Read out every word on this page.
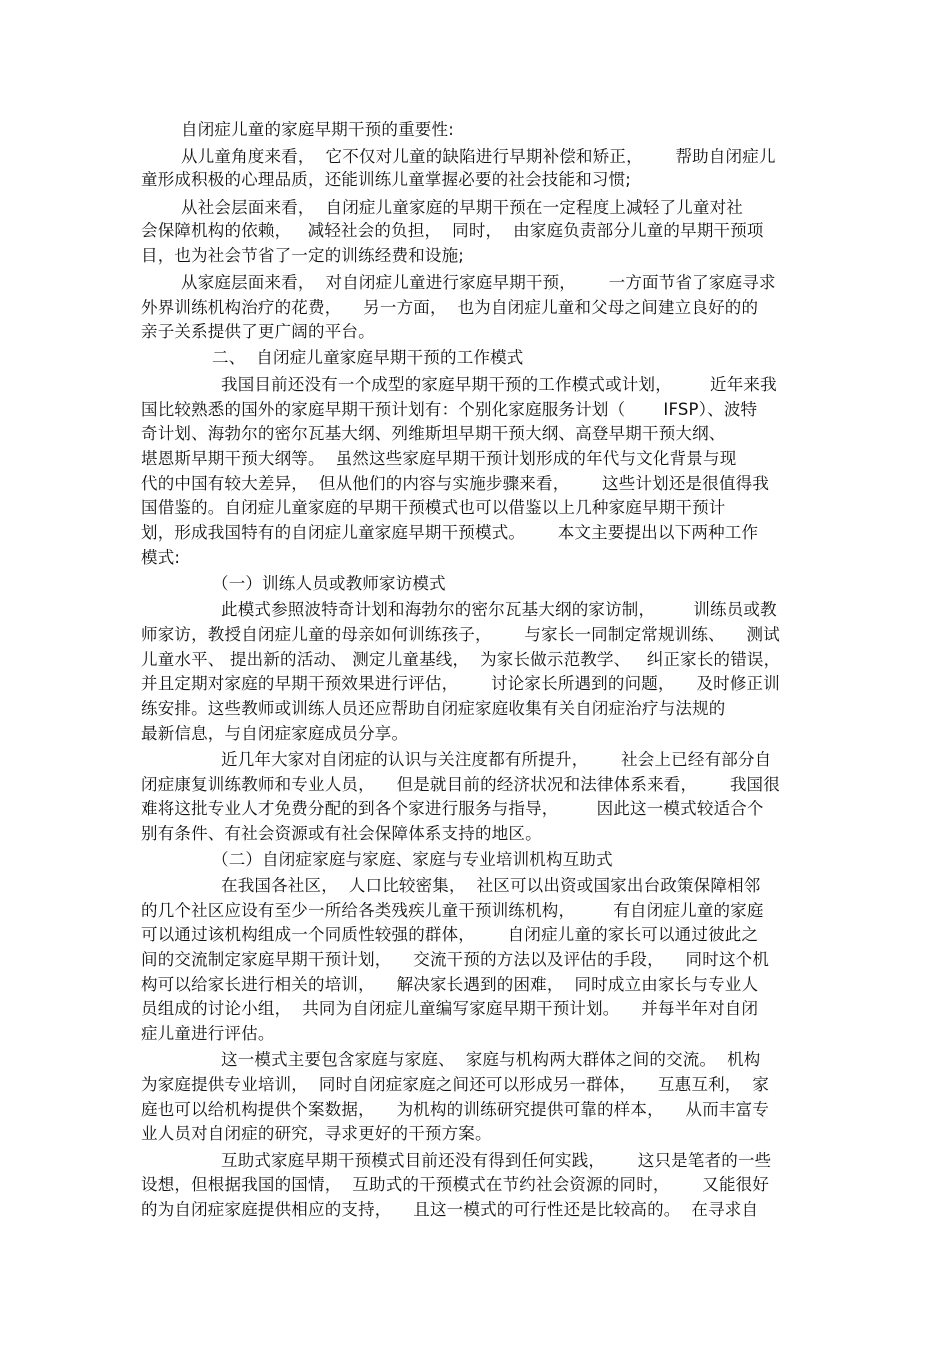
自闭症儿童的家庭早期干预的重要性:

从儿童角度来看，  它不仅对儿童的缺陷进行早期补偿和矫正，      帮助自闭症儿

童形成积极的心理品质，还能训练儿童掌握必要的社会技能和习惯;

从社会层面来看，  自闭症儿童家庭的早期干预在一定程度上减轻了儿童对社

会保障机构的依赖，   减轻社会的负担，  同时，  由家庭负责部分儿童的早期干预项

目，也为社会节省了一定的训练经费和设施;

从家庭层面来看，  对自闭症儿童进行家庭早期干预，      一方面节省了家庭寻求

外界训练机构治疗的花费，    另一方面，  也为自闭症儿童和父母之间建立良好的的

亲子关系提供了更广阔的平台。

二、  自闭症儿童家庭早期干预的工作模式

我国目前还没有一个成型的家庭早期干预的工作模式或计划，       近年来我

国比较熟悉的国外的家庭早期干预计划有：个别化家庭服务计划（       IFSP）、波特

奇计划、海勃尔的密尔瓦基大纲、列维斯坦早期干预大纲、高登早期干预大纲、

堪恩斯早期干预大纲等。  虽然这些家庭早期干预计划形成的年代与文化背景与现

代的中国有较大差异，  但从他们的内容与实施步骤来看，      这些计划还是很值得我

国借鉴的。自闭症儿童家庭的早期干预模式也可以借鉴以上几种家庭早期干预计

划，形成我国特有的自闭症儿童家庭早期干预模式。      本文主要提出以下两种工作

模式:

（一）训练人员或教师家访模式

此模式参照波特奇计划和海勃尔的密尔瓦基大纲的家访制，       训练员或教

师家访，教授自闭症儿童的母亲如何训练孩子，      与家长一同制定常规训练、    测试

儿童水平、 提出新的活动、 测定儿童基线，  为家长做示范教学、   纠正家长的错误，

并且定期对家庭的早期干预效果进行评估，      讨论家长所遇到的问题，    及时修正训

练安排。这些教师或训练人员还应帮助自闭症家庭收集有关自闭症治疗与法规的

最新信息，与自闭症家庭成员分享。

近几年大家对自闭症的认识与关注度都有所提升，      社会上已经有部分自

闭症康复训练教师和专业人员，    但是就目前的经济状况和法律体系来看，      我国很

难将这批专业人才免费分配的到各个家进行服务与指导，       因此这一模式较适合个

别有条件、有社会资源或有社会保障体系支持的地区。

（二）自闭症家庭与家庭、家庭与专业培训机构互助式

在我国各社区，  人口比较密集，  社区可以出资或国家出台政策保障相邻

的几个社区应设有至少一所给各类残疾儿童干预训练机构，       有自闭症儿童的家庭

可以通过该机构组成一个同质性较强的群体，      自闭症儿童的家长可以通过彼此之

间的交流制定家庭早期干预计划，    交流干预的方法以及评估的手段，    同时这个机

构可以给家长进行相关的培训，    解决家长遇到的困难，  同时成立由家长与专业人

员组成的讨论小组，  共同为自闭症儿童编写家庭早期干预计划。    并每半年对自闭

症儿童进行评估。

这一模式主要包含家庭与家庭、  家庭与机构两大群体之间的交流。  机构

为家庭提供专业培训，  同时自闭症家庭之间还可以形成另一群体，    互惠互利，  家

庭也可以给机构提供个案数据，    为机构的训练研究提供可靠的样本，    从而丰富专

业人员对自闭症的研究，寻求更好的干预方案。

互助式家庭早期干预模式目前还没有得到任何实践，      这只是笔者的一些

设想，但根据我国的国情，  互助式的干预模式在节约社会资源的同时，      又能很好

的为自闭症家庭提供相应的支持，    且这一模式的可行性还是比较高的。  在寻求自
